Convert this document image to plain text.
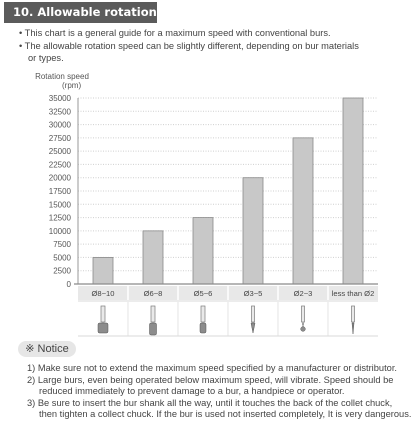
10. Allowable rotation speed
• This chart is a general guide for a maximum speed with conventional burs.
• The allowable rotation speed can be slightly different, depending on bur materials
or types.
Rotation speed
(rpm)
0
2500
5000
7500
10000
12500
15000
17500
20000
22500
25000
27500
30000
32500
35000
Ø8~10	Ø6~8	Ø5~6	Ø3~5	Ø2~3	less than Ø2
※ Notice
1) Make sure not to extend the maximum speed specified by a manufacturer or distributor.
2) Large burs, even being operated below maximum speed, will vibrate. Speed should be
reduced immediately to prevent damage to a bur, a handpiece or operator.
3) Be sure to insert the bur shank all the way, until it touches the back of the collet chuck,
then tighten a collect chuck. If the bur is used not inserted completely, It is very dangerous.
